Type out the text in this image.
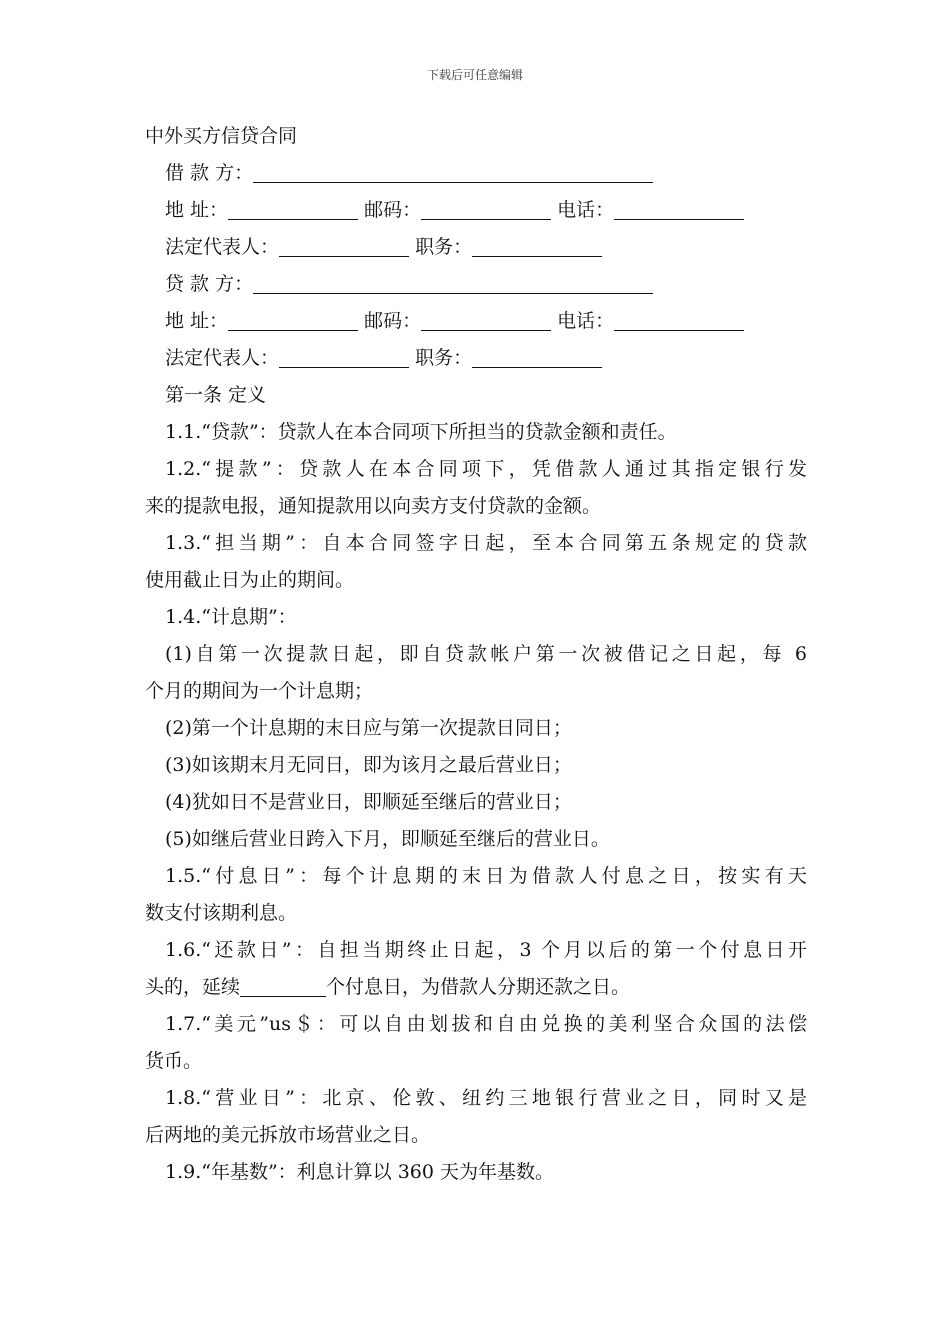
下载后可任意编辑
中外买方信贷合同
借 款 方：
地 址：	邮码：	电话：
法定代表人：	职务：
贷 款 方：
地 址：	邮码：	电话：
法定代表人：	职务：
第一条 定义
1.1.“贷款”：贷款人在本合同项下所担当的贷款金额和责任。
1.2.“提款”：贷款人在本合同项下，凭借款人通过其指定银行发
来的提款电报，通知提款用以向卖方支付贷款的金额。
1.3.“担当期”：自本合同签字日起，至本合同第五条规定的贷款
使用截止日为止的期间。
1.4.“计息期”：
(1)自第一次提款日起，即自贷款帐户第一次被借记之日起，每 6
个月的期间为一个计息期；
(2)第一个计息期的末日应与第一次提款日同日；
(3)如该期末月无同日，即为该月之最后营业日；
(4)犹如日不是营业日，即顺延至继后的营业日；
(5)如继后营业日跨入下月，即顺延至继后的营业日。
1.5.“付息日”：每个计息期的末日为借款人付息之日，按实有天
数支付该期利息。
1.6.“还款日”：自担当期终止日起，3 个月以后的第一个付息日开
头的，延续	个付息日，为借款人分期还款之日。
1.7.“美元”us＄：可以自由划拔和自由兑换的美利坚合众国的法偿
货币。
1.8.“营业日”：北京、伦敦、纽约三地银行营业之日，同时又是
后两地的美元拆放市场营业之日。
1.9.“年基数”：利息计算以 360 天为年基数。
